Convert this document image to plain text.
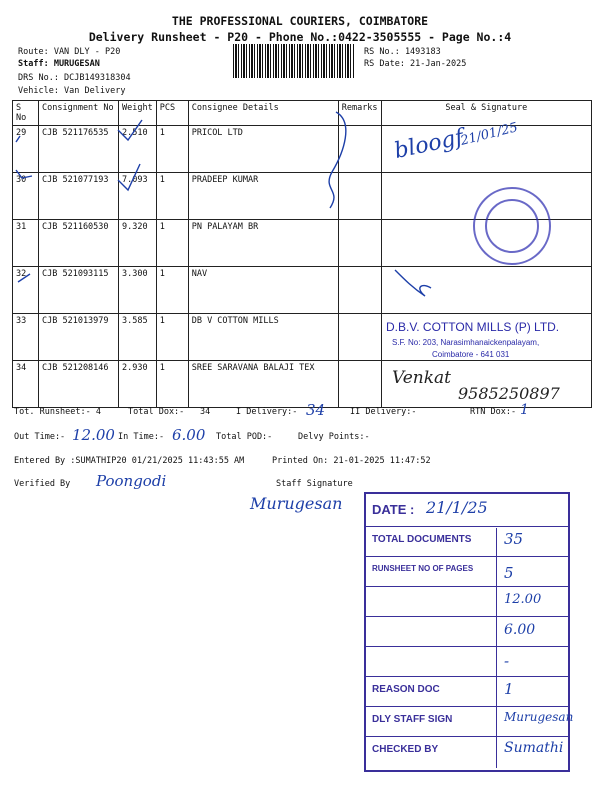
THE PROFESSIONAL COURIERS, COIMBATORE
Delivery Runsheet - P20 - Phone No.:0422-3505555 - Page No.:4
Route: VAN DLY - P20
Staff: MURUGESAN
DRS No.: DCJB149318304
Vehicle: Van Delivery
RS No.: 1493183
RS Date: 21-Jan-2025
S No	Consignment No	Weight	PCS	Consignee Details	Remarks	Seal & Signature
29	CJB 521176535	2.510	1	PRICOL LTD		
30	CJB 521077193	7.093	1	PRADEEP KUMAR		
31	CJB 521160530	9.320	1	PN PALAYAM BR		
32	CJB 521093115	3.300	1	NAV		
33	CJB 521013979	3.585	1	DB V COTTON MILLS		
34	CJB 521208146	2.930	1	SREE SARAVANA BALAJI TEX		
bloogf
21/01/25
D.B.V. COTTON MILLS (P) LTD.
S.F. No: 203, Narasimhanaickenpalayam,
Coimbatore - 641 031
Venkat
9585250897
Tot. Runsheet:- 4	Total Dox:- 34	I Delivery:- 34	II Delivery:-	RTN Dox:- 1
Out Time:- 12.00 In Time:- 6.00 Total POD:-	Delvy Points:-
Entered By :SUMATHIP20 01/21/2025 11:43:55 AM	Printed On: 21-01-2025 11:47:52
Verified By Poongodi	Staff Signature
Murugesan DATE : 21/1/25
TOTAL DOCUMENTS 35
RUNSHEET NO OF PAGES 5
12.00
6.00
-
REASON DOC	1
DLY STAFF SIGN	Murugesan
CHECKED BY	Sumathi
